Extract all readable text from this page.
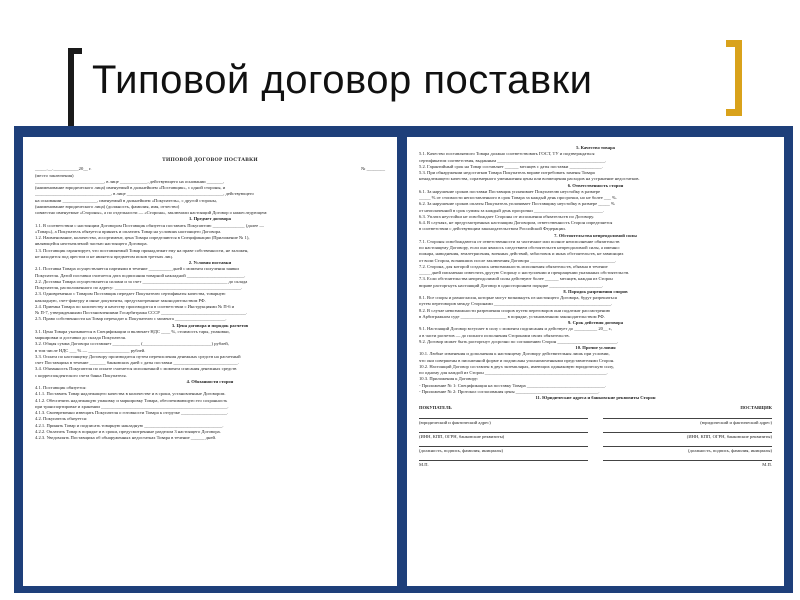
Типовой договор поставки
ТИПОВОЙ ДОГОВОР ПОСТАВКИ
_____.__.___________20__ г.	№ ________
(место заключения)
______________________________, в лице ____________, действующего на основании _______,
(наименование юридического лица) именуемый в дальнейшем «Поставщик», с одной стороны, и
_________________________________, в лице __________________________________________, действующего
на основании _______________, именуемый в дальнейшем «Покупатель», с другой стороны,
(наименование юридического лица) (должность, фамилия, имя, отчество)
совместно именуемые «Стороны», а по отдельности — «Сторона», заключили настоящий Договор о нижеследующем:
1. Предмет договора
1.1. В соответствии с настоящим Договором Поставщик обязуется поставить Покупателю ______________ (далее —
«Товар»), а Покупатель обязуется принять и оплатить Товар на условиях настоящего Договора.
1.2. Наименование, количество, ассортимент, цена Товара определяются в Спецификации (Приложение № 1),
являющейся неотъемлемой частью настоящего Договора.
1.3. Поставщик гарантирует, что поставляемый Товар принадлежит ему на праве собственности, не заложен,
не находится под арестом и не является предметом исков третьих лиц.
2. Условия поставки
2.1. Поставка Товара осуществляется партиями в течение __________ дней с момента получения заявки
Покупателя. Датой поставки считается дата подписания товарной накладной _________________________.
2.2. Доставка Товара осуществляется силами и за счет _____________________________________ до склада
Покупателя, расположенного по адресу: _______________________________________________________.
2.3. Одновременно с Товаром Поставщик передает Покупателю сертификаты качества, товарную
накладную, счет-фактуру и иные документы, предусмотренные законодательством РФ.
2.4. Приемка Товара по количеству и качеству производится в соответствии с Инструкциями № П-6 и
№ П-7, утвержденными Постановлениями Госарбитража СССР _____________________________________.
2.5. Право собственности на Товар переходит к Покупателю с момента ______________________.
3. Цена договора и порядок расчетов
3.1. Цена Товара указывается в Спецификации и включает НДС ____ %, стоимость тары, упаковки,
маркировки и доставки до склада Покупателя.
3.2. Общая сумма Договора составляет ____________ (______________________________) рублей,
в том числе НДС ___ % — __________________ рублей.
3.3. Оплата по настоящему Договору производится путем перечисления денежных средств на расчетный
счет Поставщика в течение _______ банковских дней с даты поставки ____________________________.
3.4. Обязанность Покупателя по оплате считается исполненной с момента списания денежных средств
с корреспондентского счета банка Покупателя.
4. Обязанности сторон
4.1. Поставщик обязуется:
4.1.1. Поставить Товар надлежащего качества в количестве и в сроки, установленные Договором.
4.1.2. Обеспечить надлежащую упаковку и маркировку Товара, обеспечивающую его сохранность
при транспортировке и хранении _______________________________________________________.
4.1.3. Своевременно извещать Покупателя о готовности Товара к отгрузке ____________________.
4.2. Покупатель обязуется:
4.2.1. Принять Товар и подписать товарную накладную __________________________________.
4.2.2. Оплатить Товар в порядке и в сроки, предусмотренные разделом 3 настоящего Договора.
4.2.3. Уведомлять Поставщика об обнаруженных недостатках Товара в течение ______ дней.
5. Качество товара
5.1. Качество поставляемого Товара должно соответствовать ГОСТ, ТУ и подтверждаться
сертификатом соответствия, выданным _______________________________________________.
5.2. Гарантийный срок на Товар составляет ______ месяцев с даты поставки ______________.
5.3. При обнаружении недостатков Товара Покупатель вправе потребовать замены Товара
ненадлежащего качества, соразмерного уменьшения цены или возмещения расходов на устранение недостатков.
6. Ответственность сторон
6.1. За нарушение сроков поставки Поставщик уплачивает Покупателю неустойку в размере
_____ % от стоимости непоставленного в срок Товара за каждый день просрочки, но не более ___ %.
6.2. За нарушение сроков оплаты Покупатель уплачивает Поставщику неустойку в размере _____ %
от неоплаченной в срок суммы за каждый день просрочки ______________________________.
6.3. Уплата неустойки не освобождает Стороны от исполнения обязательств по Договору.
6.4. В случаях, не предусмотренных настоящим Договором, ответственность Сторон определяется
в соответствии с действующим законодательством Российской Федерации.
7. Обстоятельства непреодолимой силы
7.1. Стороны освобождаются от ответственности за частичное или полное неисполнение обязательств
по настоящему Договору, если оно явилось следствием обстоятельств непреодолимой силы, а именно:
пожара, наводнения, землетрясения, военных действий, забастовок и иных обстоятельств, не зависящих
от воли Сторон, возникших после заключения Договора _____________________________________.
7.2. Сторона, для которой создалась невозможность исполнения обязательств, обязана в течение
_____ дней письменно известить другую Сторону о наступлении и прекращении указанных обстоятельств.
7.3. Если обстоятельства непреодолимой силы действуют более ______ месяцев, каждая из Сторон
вправе расторгнуть настоящий Договор в одностороннем порядке _______________________.
8. Порядок разрешения споров
8.1. Все споры и разногласия, которые могут возникнуть из настоящего Договора, будут разрешаться
путем переговоров между Сторонами ___________________________________________________.
8.2. В случае невозможности разрешения споров путем переговоров они подлежат рассмотрению
в Арбитражном суде ____________________ в порядке, установленном законодательством РФ.
9. Срок действия договора
9.1. Настоящий Договор вступает в силу с момента подписания и действует до __________ 20__ г.,
а в части расчетов — до полного исполнения Сторонами своих обязательств.
9.2. Договор может быть расторгнут досрочно по соглашению Сторон __________________________.
10. Прочие условия
10.1. Любые изменения и дополнения к настоящему Договору действительны лишь при условии,
что они совершены в письменной форме и подписаны уполномоченными представителями Сторон.
10.2. Настоящий Договор составлен в двух экземплярах, имеющих одинаковую юридическую силу,
по одному для каждой из Сторон _____________________________________________________.
10.3. Приложения к Договору:
- Приложение № 1: Спецификация на поставку Товара __________________________________.
- Приложение № 2: Протокол согласования цены ____________________________________.
11. Юридические адреса и банковские реквизиты Сторон
ПОКУПАТЕЛЬ
(юридический и фактический адрес)
(ИНН, КПП, ОГРН, банковские реквизиты)
(должность, подпись, фамилия, инициалы)
М.П.
ПОСТАВЩИК
(юридический и фактический адрес)
(ИНН, КПП, ОГРН, банковские реквизиты)
(должность, подпись, фамилия, инициалы)
М.П.
